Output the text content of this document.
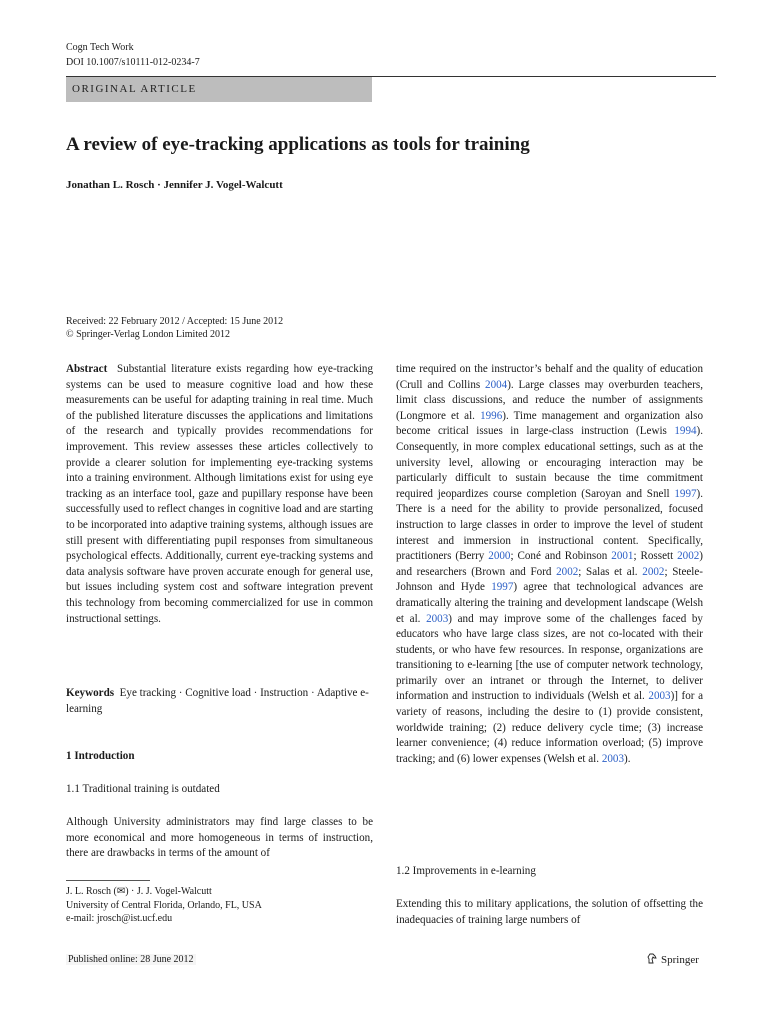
Cogn Tech Work
DOI 10.1007/s10111-012-0234-7
ORIGINAL ARTICLE
A review of eye-tracking applications as tools for training
Jonathan L. Rosch · Jennifer J. Vogel-Walcutt
Received: 22 February 2012 / Accepted: 15 June 2012
© Springer-Verlag London Limited 2012

Abstract Substantial literature exists regarding how eye-tracking systems can be used to measure cognitive load and how these measurements can be useful for adapting training in real time. Much of the published literature discusses the applications and limitations of the research and typically provides recommendations for improvement. This review assesses these articles collectively to provide a clearer solution for implementing eye-tracking systems into a training environment. Although limitations exist for using eye tracking as an interface tool, gaze and pupillary response have been successfully used to reflect changes in cognitive load and are starting to be incorporated into adaptive training systems, although issues are still present with differentiating pupil responses from simultaneous psychological effects. Additionally, current eye-tracking systems and data analysis software have proven accurate enough for general use, but issues including system cost and software integration prevent this technology from becoming commercialized for use in common instructional settings.

Keywords Eye tracking · Cognitive load · Instruction · Adaptive e-learning

1 Introduction
1.1 Traditional training is outdated

Although University administrators may find large classes to be more economical and more homogeneous in terms of instruction, there are drawbacks in terms of the amount of

J. L. Rosch (✉) · J. J. Vogel-Walcutt
University of Central Florida, Orlando, FL, USA
e-mail: jrosch@ist.ucf.edu

time required on the instructor’s behalf and the quality of education (Crull and Collins 2004). Large classes may overburden teachers, limit class discussions, and reduce the number of assignments (Longmore et al. 1996). Time management and organization also become critical issues in large-class instruction (Lewis 1994). Consequently, in more complex educational settings, such as at the university level, allowing or encouraging interaction may be particularly difficult to sustain because the time commitment required jeopardizes course completion (Saroyan and Snell 1997). There is a need for the ability to provide personalized, focused instruction to large classes in order to improve the level of student interest and immersion in instructional content. Specifically, practitioners (Berry 2000; Coné and Robinson 2001; Rossett 2002) and researchers (Brown and Ford 2002; Salas et al. 2002; Steele-Johnson and Hyde 1997) agree that technological advances are dramatically altering the training and development landscape (Welsh et al. 2003) and may improve some of the challenges faced by educators who have large class sizes, are not co-located with their students, or who have few resources. In response, organizations are transitioning to e-learning [the use of computer network technology, primarily over an intranet or through the Internet, to deliver information and instruction to individuals (Welsh et al. 2003)] for a variety of reasons, including the desire to (1) provide consistent, worldwide training; (2) reduce delivery cycle time; (3) increase learner convenience; (4) reduce information overload; (5) improve tracking; and (6) lower expenses (Welsh et al. 2003).

1.2 Improvements in e-learning

Extending this to military applications, the solution of offsetting the inadequacies of training large numbers of

Published online: 28 June 2012	Springer
